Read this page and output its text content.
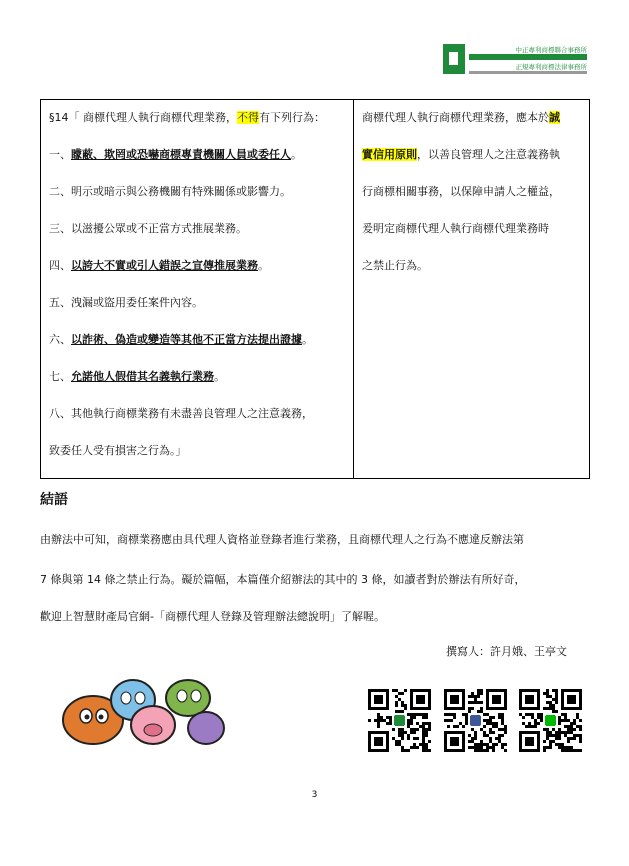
中正專利商標聯合事務所
正規專利商標法律事務所
§14「 商標代理人執行商標代理業務，不得有下列行為：
一、矇蔽、欺罔或恐嚇商標專責機關人員或委任人。
二、明示或暗示與公務機關有特殊關係或影響力。
三、以滋擾公眾或不正當方式推展業務。
四、以誇大不實或引人錯誤之宣傳推展業務。
五、洩漏或盜用委任案件內容。
六、以詐術、偽造或變造等其他不正當方法提出證據。
七、允諾他人假借其名義執行業務。
八、其他執行商標業務有未盡善良管理人之注意義務，
致委任人受有損害之行為。」

商標代理人執行商標代理業務，應本於誠
實信用原則，以善良管理人之注意義務執
行商標相關事務，以保障申請人之權益，
爰明定商標代理人執行商標代理業務時
之禁止行為。
結語
由辦法中可知，商標業務應由具代理人資格並登錄者進行業務，且商標代理人之行為不應違反辦法第
7 條與第 14 條之禁止行為。礙於篇幅，本篇僅介紹辦法的其中的 3 條，如讀者對於辦法有所好奇，
歡迎上智慧財產局官網-「商標代理人登錄及管理辦法總說明」了解喔。
撰寫人：許月娥、王亭文
3
